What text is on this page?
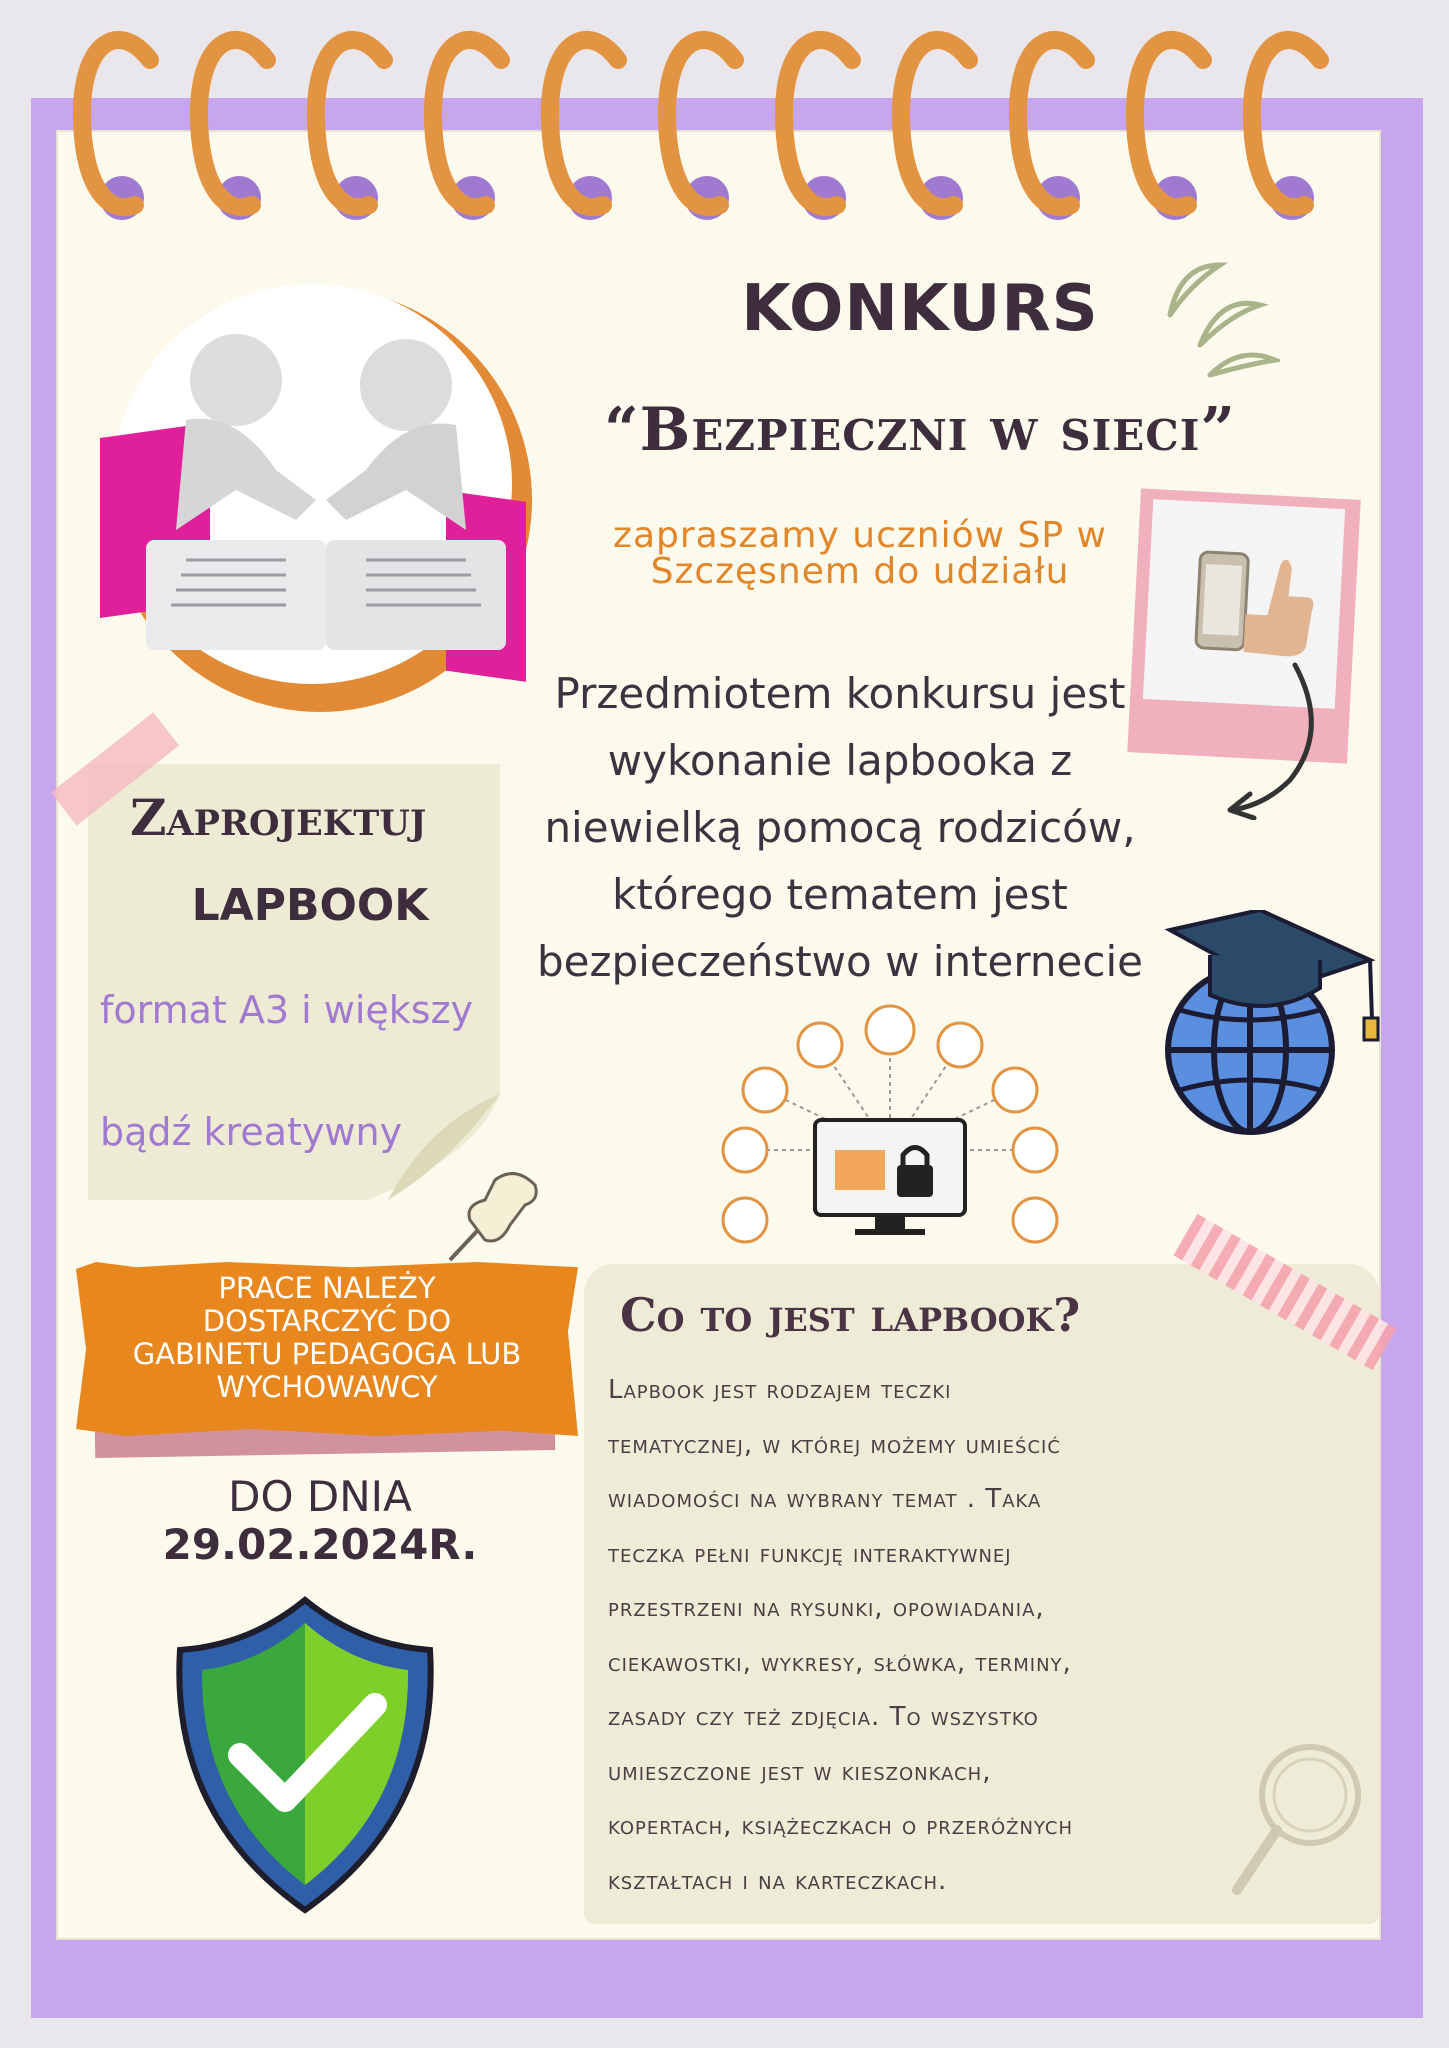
KONKURS
“Bezpieczni w sieci”
zapraszamy uczniów SP w
Szczęsnem do udziału
Przedmiotem konkursu jest
wykonanie lapbooka z
niewielką pomocą rodziców,
którego tematem jest
bezpieczeństwo w internecie
Zaprojektuj
LAPBOOK
format A3 i większy
bądź kreatywny
PRACE NALEŻY
DOSTARCZYĆ DO
GABINETU PEDAGOGA LUB
WYCHOWAWCY
DO DNIA
29.02.2024R.
Co to jest lapbook?
Lapbook jest rodzajem teczki
tematycznej, w której możemy umieścić
wiadomości na wybrany temat . Taka
teczka pełni funkcję interaktywnej
przestrzeni na rysunki, opowiadania,
ciekawostki, wykresy, słówka, terminy,
zasady czy też zdjęcia. To wszystko
umieszczone jest w kieszonkach,
kopertach, książeczkach o przeróżnych
kształtach i na karteczkach.
